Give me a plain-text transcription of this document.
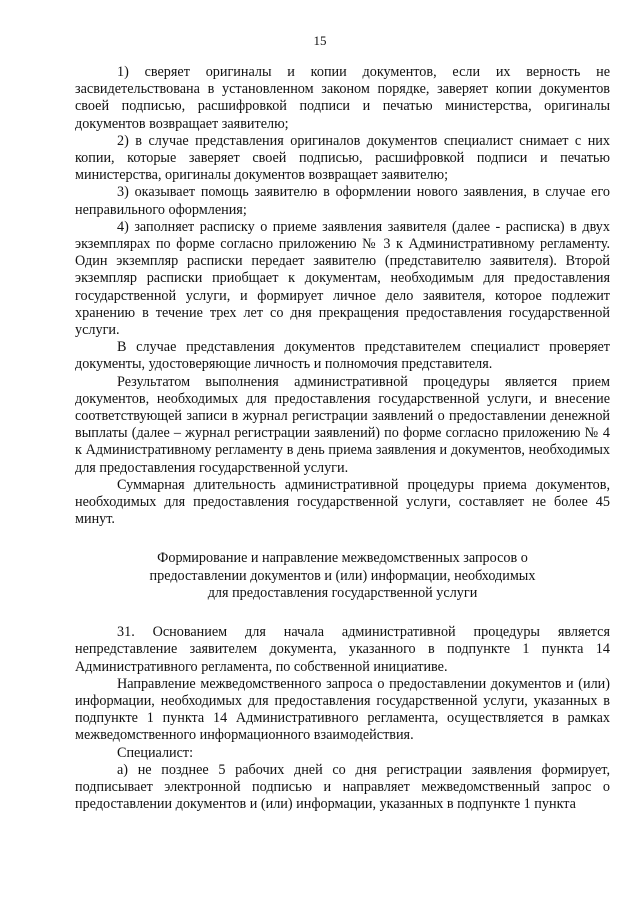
15

1) сверяет оригиналы и копии документов, если их верность не засвидетельствована в установленном законом порядке, заверяет копии документов своей подписью, расшифровкой подписи и печатью министерства, оригиналы документов возвращает заявителю;

2) в случае представления оригиналов документов специалист снимает с них копии, которые заверяет своей подписью, расшифровкой подписи и печатью министерства, оригиналы документов возвращает заявителю;

3) оказывает помощь заявителю в оформлении нового заявления, в случае его неправильного оформления;

4) заполняет расписку о приеме заявления заявителя (далее - расписка) в двух экземплярах по форме согласно приложению № 3 к Административному регламенту. Один экземпляр расписки передает заявителю (представителю заявителя). Второй экземпляр расписки приобщает к документам, необходимым для предоставления государственной услуги, и формирует личное дело заявителя, которое подлежит хранению в течение трех лет со дня прекращения предоставления государственной услуги.

В случае представления документов представителем специалист проверяет документы, удостоверяющие личность и полномочия представителя.

Результатом выполнения административной процедуры является прием документов, необходимых для предоставления государственной услуги, и внесение соответствующей записи в журнал регистрации заявлений о предоставлении денежной выплаты (далее – журнал регистрации заявлений) по форме согласно приложению № 4 к Административному регламенту в день приема заявления и документов, необходимых для предоставления государственной услуги.

Суммарная длительность административной процедуры приема документов, необходимых для предоставления государственной услуги, составляет не более 45 минут.

Формирование и направление межведомственных запросов о
предоставлении документов и (или) информации, необходимых
для предоставления государственной услуги

31. Основанием для начала административной процедуры является непредставление заявителем документа, указанного в подпункте 1 пункта 14 Административного регламента, по собственной инициативе.

Направление межведомственного запроса о предоставлении документов и (или) информации, необходимых для предоставления государственной услуги, указанных в подпункте 1 пункта 14 Административного регламента, осуществляется в рамках межведомственного информационного взаимодействия.

Специалист:

а) не позднее 5 рабочих дней со дня регистрации заявления формирует, подписывает электронной подписью и направляет межведомственный запрос о предоставлении документов и (или) информации, указанных в подпункте 1 пункта
